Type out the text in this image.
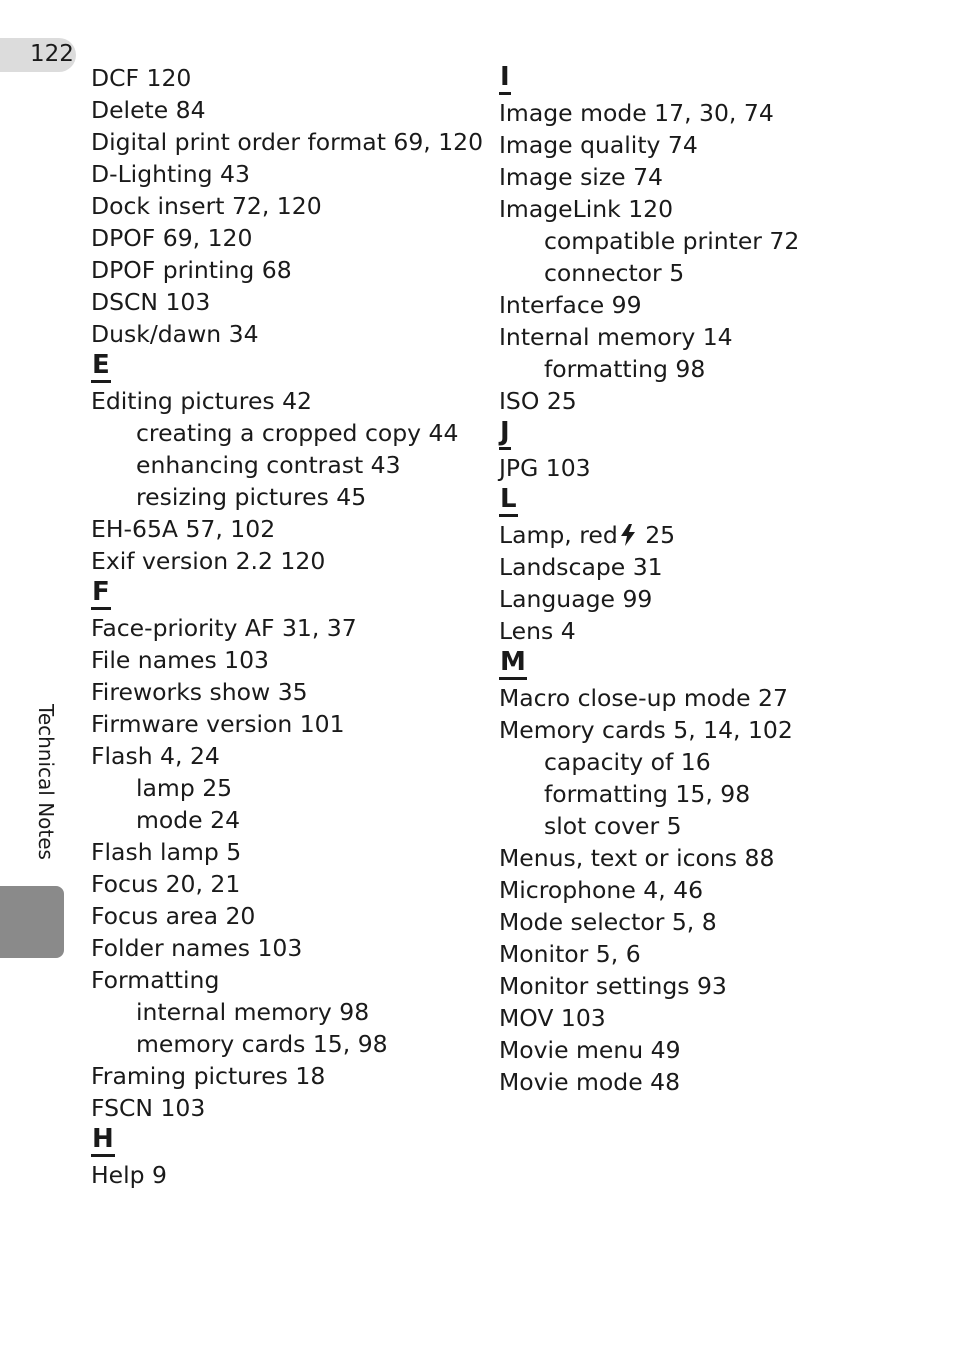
122
Technical Notes
DCF 120
Delete 84
Digital print order format 69, 120
D-Lighting 43
Dock insert 72, 120
DPOF 69, 120
DPOF printing 68
DSCN 103
Dusk/dawn 34
E
Editing pictures 42
creating a cropped copy 44
enhancing contrast 43
resizing pictures 45
EH-65A 57, 102
Exif version 2.2 120
F
Face-priority AF 31, 37
File names 103
Fireworks show 35
Firmware version 101
Flash 4, 24
lamp 25
mode 24
Flash lamp 5
Focus 20, 21
Focus area 20
Folder names 103
Formatting
internal memory 98
memory cards 15, 98
Framing pictures 18
FSCN 103
H
Help 9
I
Image mode 17, 30, 74
Image quality 74
Image size 74
ImageLink 120
compatible printer 72
connector 5
Interface 99
Internal memory 14
formatting 98
ISO 25
J
JPG 103
L
Lamp, red 25
Landscape 31
Language 99
Lens 4
M
Macro close-up mode 27
Memory cards 5, 14, 102
capacity of 16
formatting 15, 98
slot cover 5
Menus, text or icons 88
Microphone 4, 46
Mode selector 5, 8
Monitor 5, 6
Monitor settings 93
MOV 103
Movie menu 49
Movie mode 48
